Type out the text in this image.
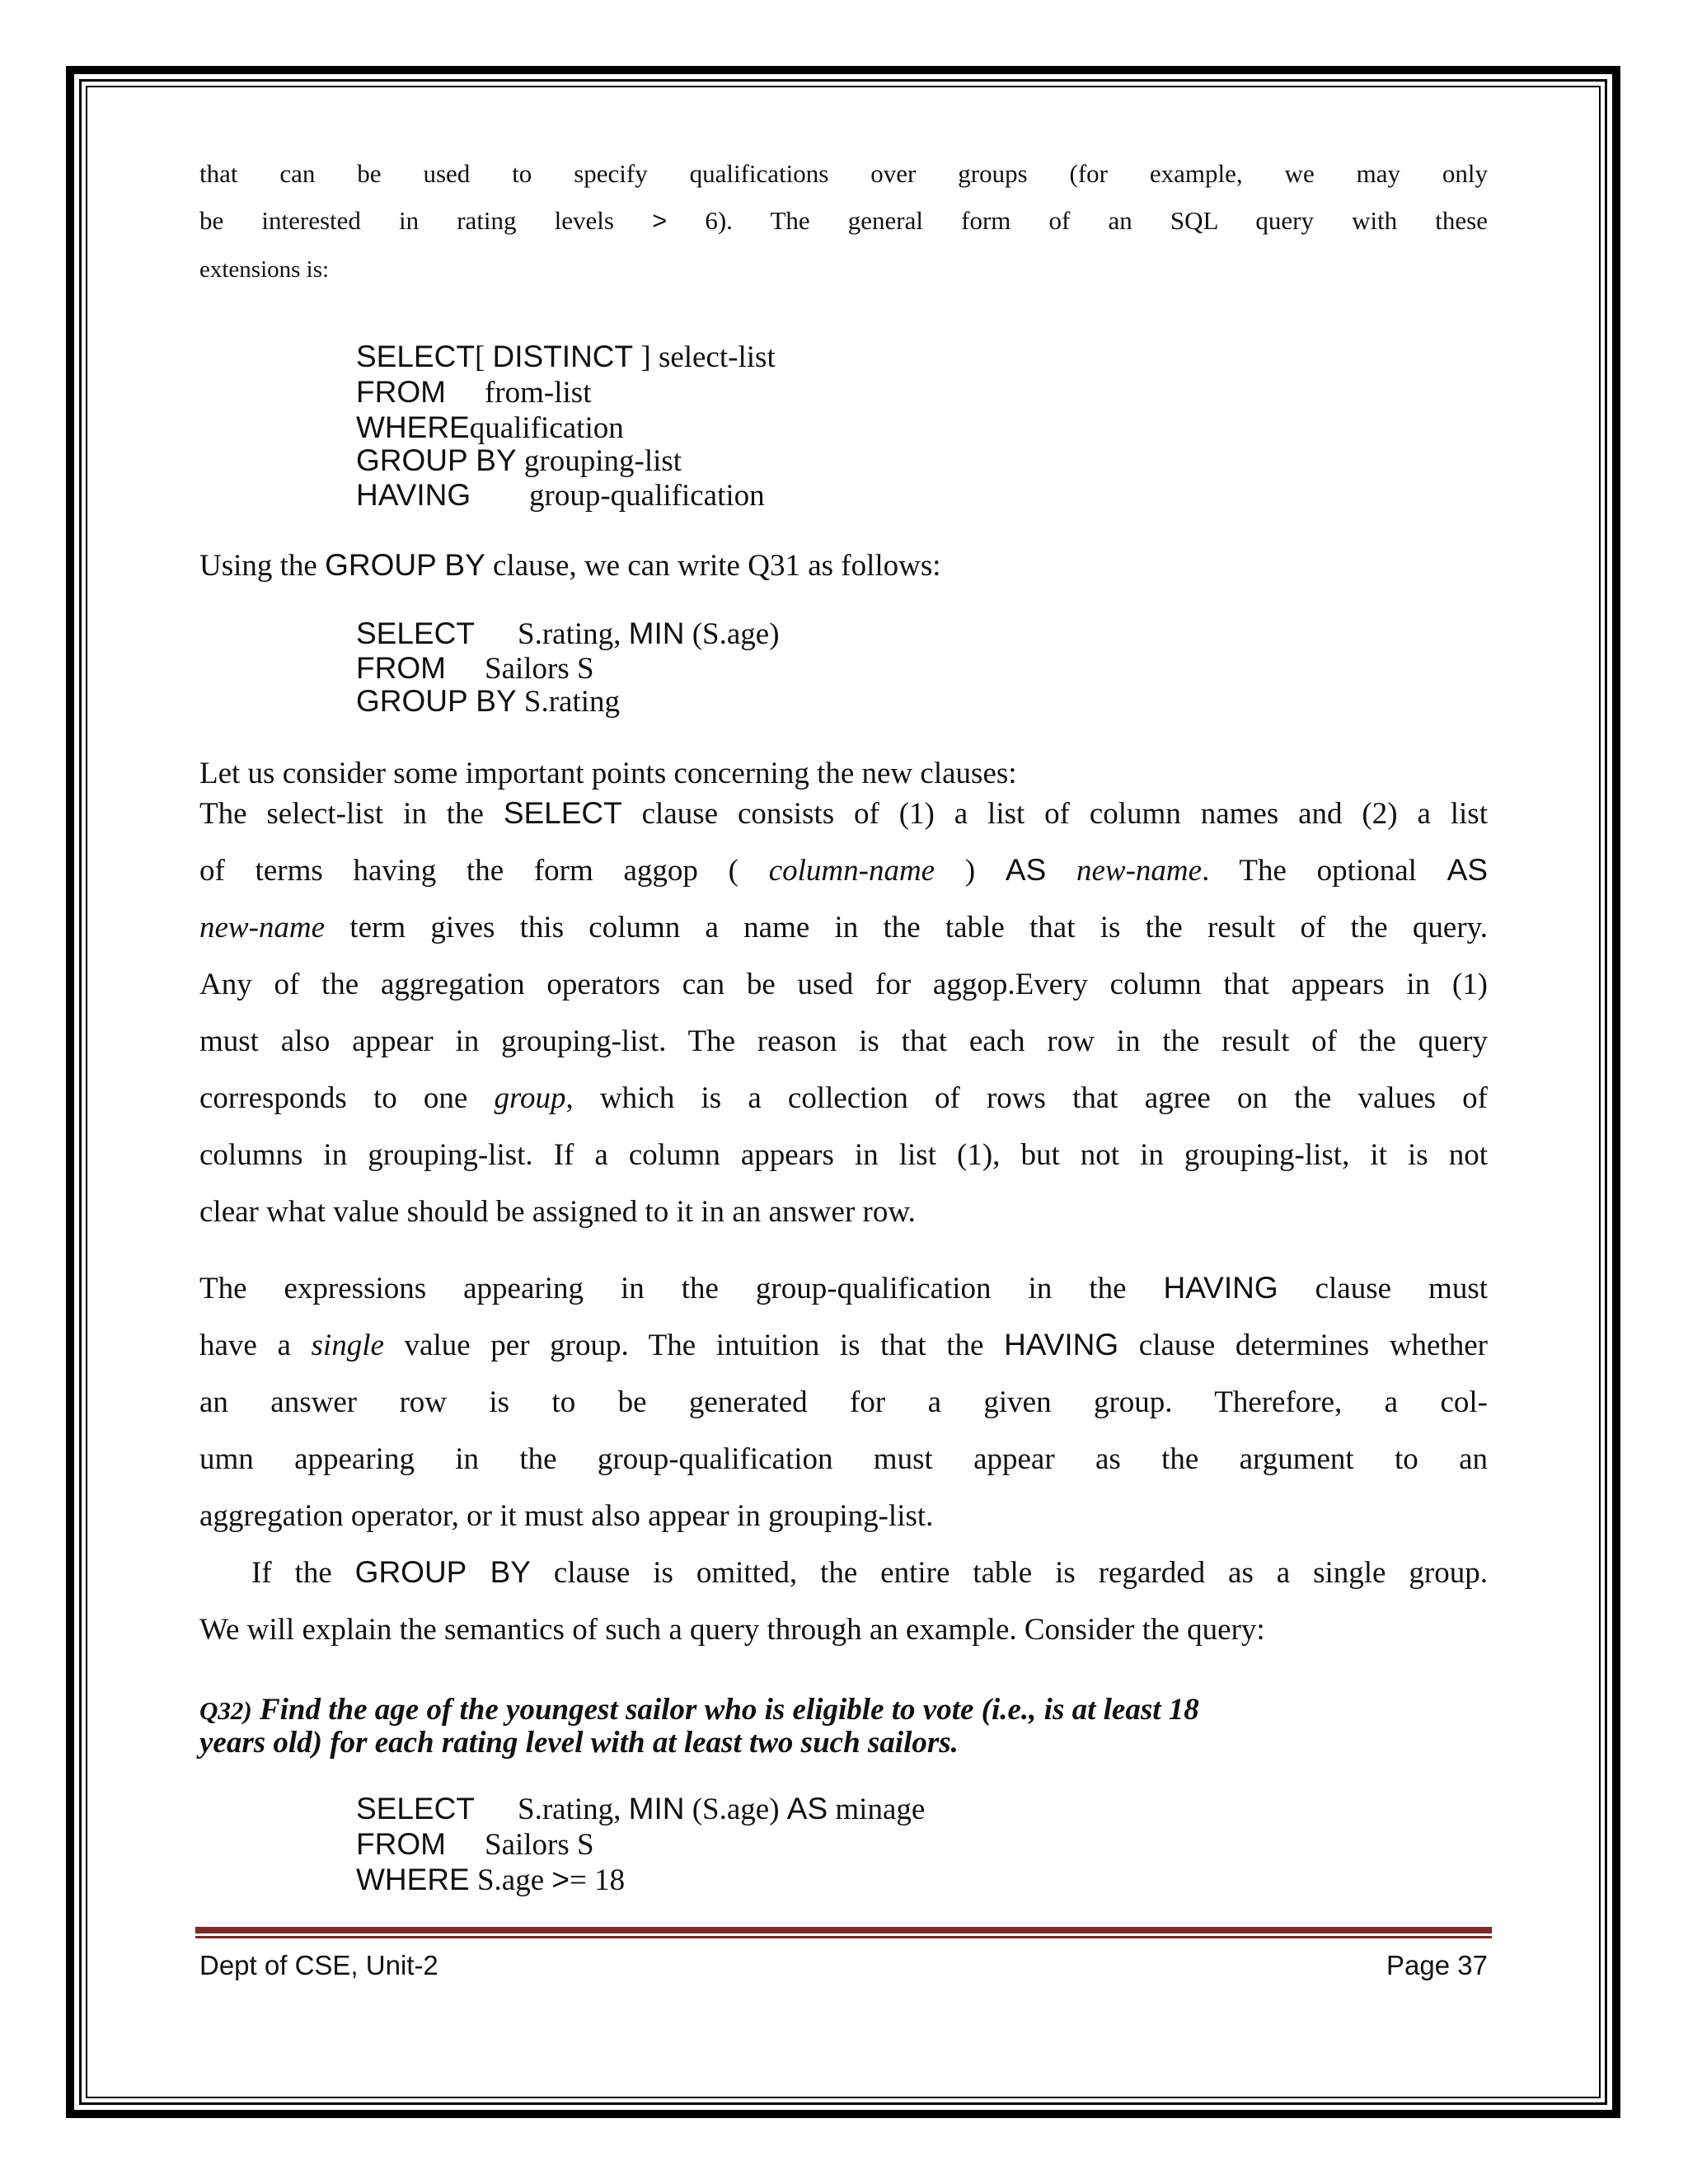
that can be used to specify qualifications over groups (for example, we may only
be interested in rating levels > 6). The general form of an SQL query with these
extensions is:
SELECT[ DISTINCT ] select-list
FROM from-list
WHEREqualification
GROUP BY grouping-list
HAVING group-qualification
Using the GROUP BY clause, we can write Q31 as follows:
SELECT S.rating, MIN (S.age)
FROM Sailors S
GROUP BY S.rating
Let us consider some important points concerning the new clauses:
The select-list in the SELECT clause consists of (1) a list of column names and (2) a list
of terms having the form aggop ( column-name ) AS new-name. The optional AS
new-name term gives this column a name in the table that is the result of the query.
Any of the aggregation operators can be used for aggop.Every column that appears in (1)
must also appear in grouping-list. The reason is that each row in the result of the query
corresponds to one group, which is a collection of rows that agree on the values of
columns in grouping-list. If a column appears in list (1), but not in grouping-list, it is not
clear what value should be assigned to it in an answer row.
The expressions appearing in the group-qualification in the HAVING clause must
have a single value per group. The intuition is that the HAVING clause determines whether
an answer row is to be generated for a given group. Therefore, a col-
umn appearing in the group-qualification must appear as the argument to an
aggregation operator, or it must also appear in grouping-list.
If the GROUP BY clause is omitted, the entire table is regarded as a single group.
We will explain the semantics of such a query through an example. Consider the query:
Q32) Find the age of the youngest sailor who is eligible to vote (i.e., is at least 18
years old) for each rating level with at least two such sailors.
SELECT S.rating, MIN (S.age) AS minage
FROM Sailors S
WHERE S.age >= 18
Dept of CSE, Unit-2	Page 37
